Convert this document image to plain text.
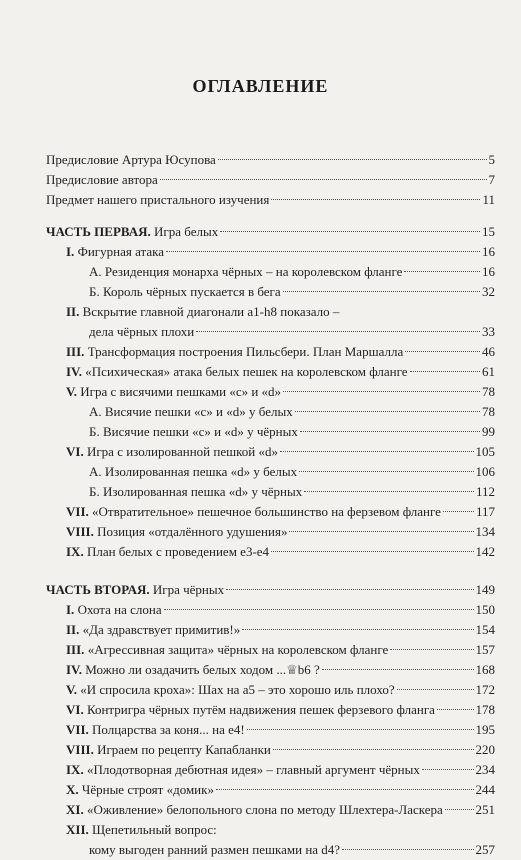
ОГЛАВЛЕНИЕ
Предисловие Артура Юсупова	5
Предисловие автора	7
Предмет нашего пристального изучения	11
ЧАСТЬ ПЕРВАЯ. Игра белых	15
I. Фигурная атака	16
А. Резиденция монарха чёрных – на королевском фланге	16
Б. Король чёрных пускается в бега	32
II. Вскрытие главной диагонали a1-h8 показало –
дела чёрных плохи	33
III. Трансформация построения Пильсбери. План Маршалла	46
IV. «Психическая» атака белых пешек на королевском фланге	61
V. Игра с висячими пешками «c» и «d»	78
А. Висячие пешки «c» и «d» у белых	78
Б. Висячие пешки «c» и «d» у чёрных	99
VI. Игра с изолированной пешкой «d»	105
А. Изолированная пешка «d» у белых	106
Б. Изолированная пешка «d» у чёрных	112
VII. «Отвратительное» пешечное большинство на ферзевом фланге	117
VIII. Позиция «отдалённого удушения»	134
IX. План белых с проведением e3-e4	142
ЧАСТЬ ВТОРАЯ. Игра чёрных	149
I. Охота на слона	150
II. «Да здравствует примитив!»	154
III. «Агрессивная защита» чёрных на королевском фланге	157
IV. Можно ли озадачить белых ходом ...♕b6 ?	168
V. «И спросила кроха»: Шах на a5 – это хорошо иль плохо?	172
VI. Контригра чёрных путём надвижения пешек ферзевого фланга	178
VII. Полцарства за коня... на e4!	195
VIII. Играем по рецепту Капабланки	220
IX. «Плодотворная дебютная идея» – главный аргумент чёрных	234
X. Чёрные строят «домик»	244
XI. «Оживление» белопольного слона по методу Шлехтера-Ласкера	251
XII. Щепетильный вопрос:
кому выгоден ранний размен пешками на d4?	257
